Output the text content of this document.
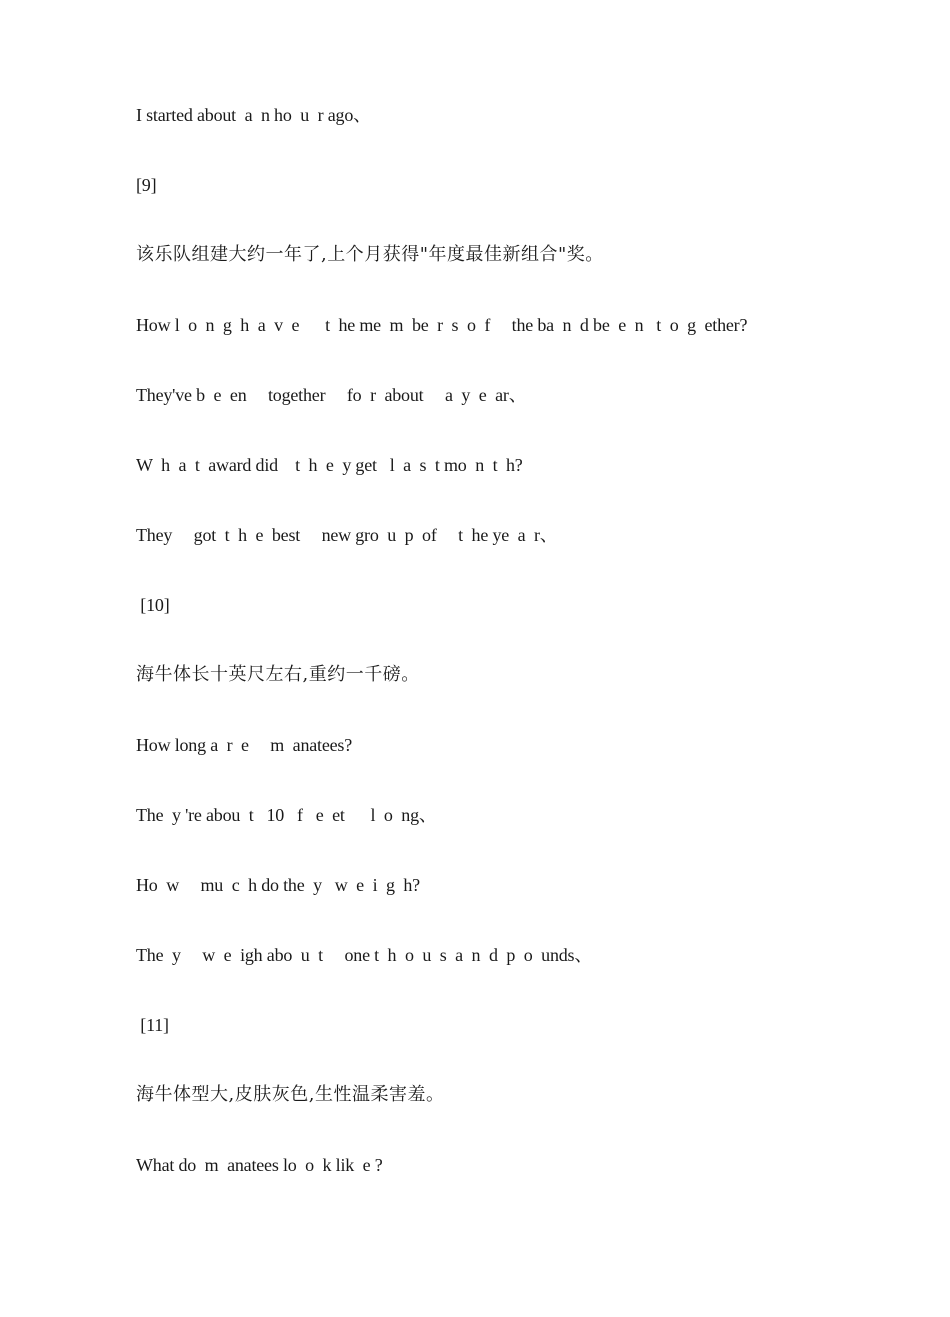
I started about  a  n ho  u  r ago、
[9]
该乐队组建大约一年了,上个月获得"年度最佳新组合"奖。
How l  o  n  g  h  a  v  e      t  he me  m  be  r  s  o  f     the ba  n  d be  e  n   t  o  g  ether?
They've b  e  en     together     fo  r  about     a  y  e  ar、
W  h  a  t  award did    t  h  e  y get   l  a  s  t mo  n  t  h?
They     got  t  h  e  best     new gro  u  p  of     t  he ye  a  r、
[10]
海牛体长十英尺左右,重约一千磅。
How long a  r  e     m  anatees?
The  y 're abou  t   10   f   e  et      l  o  ng、
Ho  w     mu  c  h do the  y   w  e  i  g  h?
The  y     w  e  igh abo  u  t     one t  h  o  u  s  a  n  d  p  o  unds、
[11]
海牛体型大,皮肤灰色,生性温柔害羞。
What do  m  anatees lo  o  k lik  e ?
